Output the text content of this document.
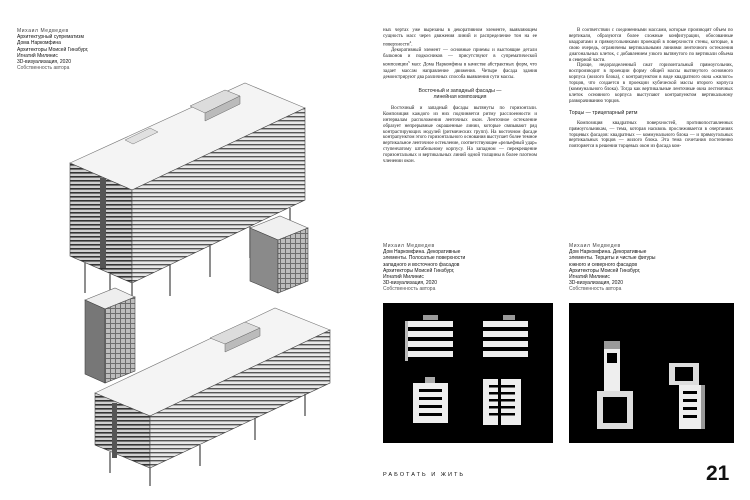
Михаил Медведев
Архитектурный супрематизм
Дома Наркомфина
Архитекторы Моисей Гинзбург,
Игнатий Милинис
3D-визуализация, 2020
Собственность автора

ных чертах уже вырезаны в декоративном элементе, выявляющем сущность масс через движения линий и распределение тон на ее поверхности$^4$.

Декоративный элемент — основные приемы и выстоящие детали балконов и подкосников — присутствуют в супрематической композиции$^5$ масс Дома Наркомфина в качестве абстрактных форм, что задает массам направление движения. Четыре фасада здания демонстрируют два различных способа выявления сути массы.

Восточный и западный фасады —
линейная композиция

Восточный и западный фасады вытянуты по горизонтали. Композиция каждого из них подчиняется ритму расслоенности и интервалам расположения ленточных окон. Ленточное остекление образует непрерывные окрашенные линии, которые связывают ряд контрастирующих модулей (ритмических групп). На восточном фасаде контрапунктом этого горизонтального основания выступает более темное вертикальное ленточное остекление, соответствующее «рельефный удар» ступенчатому штабельному корпусу. На западном — перекрещение горизонтальных и вертикальных линий одной толщины в более плотном членении окон.

В соответствии с соединенными массами, которые производят объем по вертикали, образуются более сложные конфигурации, обосованные квадратами и прямоугольниками проекций в поверхности стены, которые, в свою очередь, ограничены вертикальными линиями ленточного остекления диагональных клеток, с добавлением узкого вытянутого по вертикали объема в северной части.

Проще, недоразделенный сжат горизонтальный прямоугольник, воспроизводит в проекции форму общей массы вытянутого основного корпуса (жилого блока), с контрапунктом в виде квадратного окна «жилого» торцов, что создается в проекции кубической массы второго корпуса (коммунального блока). Тогда как вертикальные ленточные окна лестничных клеток основного корпуса выступают контрапунктом вертикальному разворачиванию торцов.

Торцы — трицепарный ритм

Композиция квадратных поверхностей, противопоставленных прямоугольникам, — тема, которая насквозь прослеживается в очертаниях торцевых фасадов: квадратных — коммунального блока — и прямоугольных вертикальных торцов — жилого блока. Эта тема сочетания постепенно повторяется в решении торцевых окон из фасада ком-

Михаил Медведев
Дом Наркомфина. Декоративные
элементы. Полосатые поверхности
западного и восточного фасадов
Архитекторы Моисей Гинзбург,
Игнатий Милинис
3D-визуализация, 2020
Собственность автора
Михаил Медведев
Дом Наркомфина. Декоративные
элементы. Терцеты и чистые фигуры
южного и северного фасадов
Архитекторы Моисей Гинзбург,
Игнатий Милинис
3D-визуализация, 2020
Собственность автора
РАБОТАТЬ И ЖИТЬ	21
